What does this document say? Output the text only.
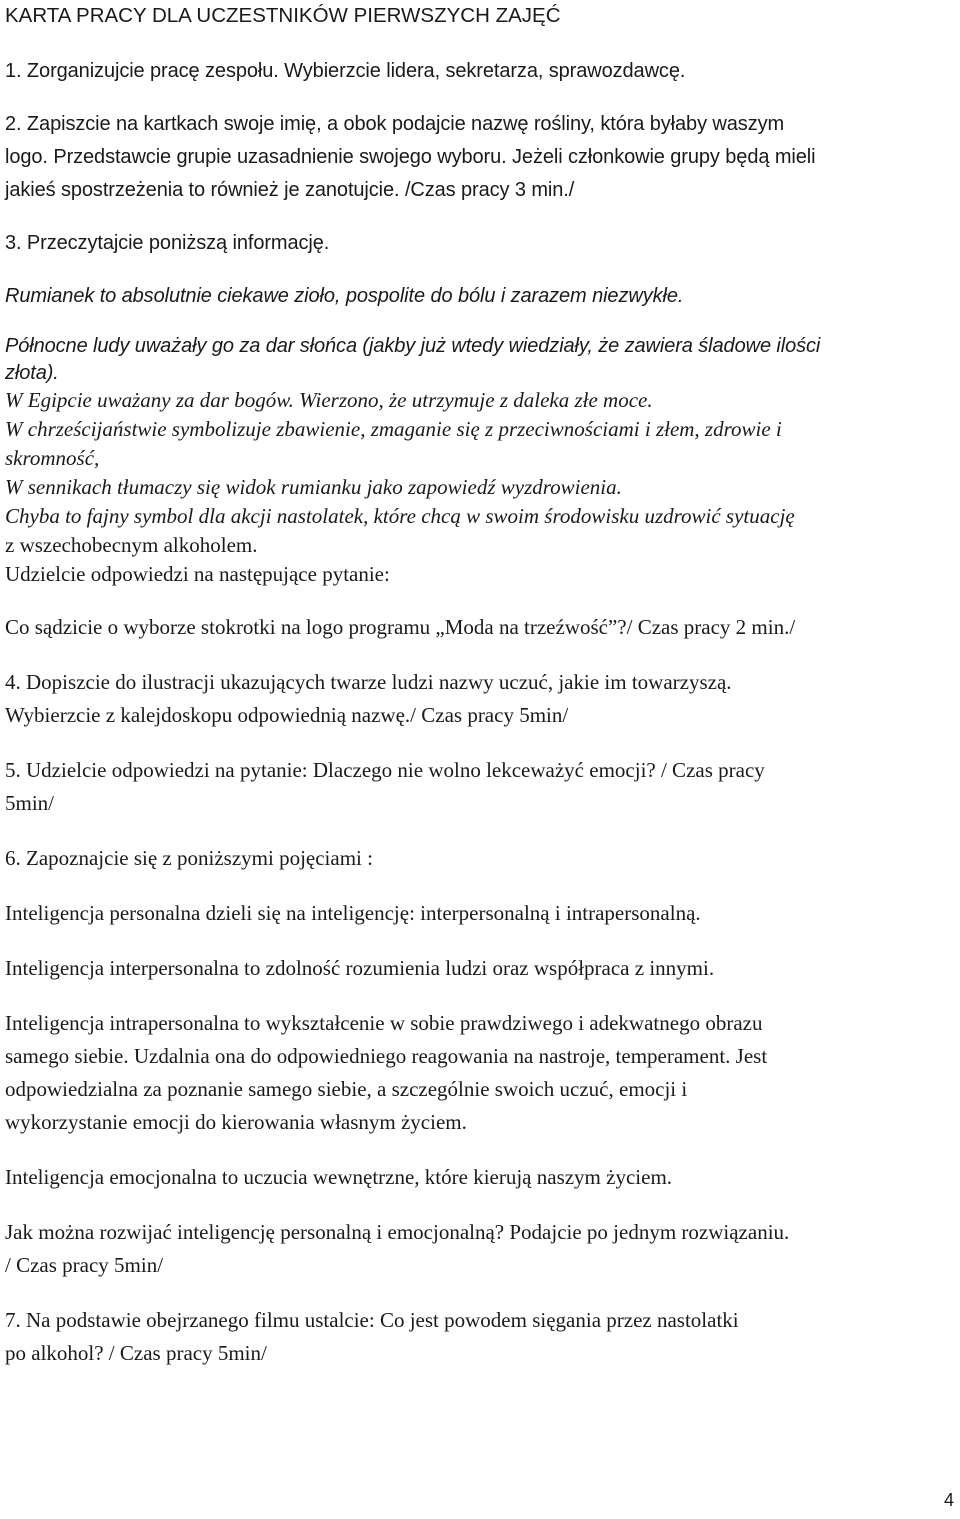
KARTA PRACY DLA UCZESTNIKÓW PIERWSZYCH ZAJĘĆ
1. Zorganizujcie pracę zespołu. Wybierzcie lidera, sekretarza, sprawozdawcę.
2. Zapiszcie na kartkach swoje imię, a obok podajcie nazwę rośliny, która byłaby waszym
logo. Przedstawcie grupie uzasadnienie swojego wyboru. Jeżeli członkowie grupy będą mieli
jakieś spostrzeżenia to również je zanotujcie. /Czas pracy 3 min./
3. Przeczytajcie poniższą informację.
Rumianek to absolutnie ciekawe zioło, pospolite do bólu i zarazem niezwykłe.
Północne ludy uważały go za dar słońca (jakby już wtedy wiedziały, że zawiera śladowe ilości
złota).
W Egipcie uważany za dar bogów. Wierzono, że utrzymuje z daleka złe moce.
W chrześcijaństwie symbolizuje zbawienie, zmaganie się z przeciwnościami i złem, zdrowie i
skromność,
W sennikach tłumaczy się widok rumianku jako zapowiedź wyzdrowienia.
Chyba to fajny symbol dla akcji nastolatek, które chcą w swoim środowisku uzdrowić sytuację
z wszechobecnym alkoholem.
Udzielcie odpowiedzi na następujące pytanie:
Co sądzicie o wyborze stokrotki na logo programu „Moda na trzeźwość”?/ Czas pracy 2 min./
4. Dopiszcie do ilustracji ukazujących twarze ludzi nazwy uczuć, jakie im towarzyszą.
Wybierzcie z kalejdoskopu odpowiednią nazwę./ Czas pracy 5min/
5. Udzielcie odpowiedzi na pytanie: Dlaczego nie wolno lekceważyć emocji? / Czas pracy
5min/
6. Zapoznajcie się z poniższymi pojęciami :
Inteligencja personalna dzieli się na inteligencję: interpersonalną i intrapersonalną.
Inteligencja interpersonalna to zdolność rozumienia ludzi oraz współpraca z innymi.
Inteligencja intrapersonalna to wykształcenie w sobie prawdziwego i adekwatnego obrazu
samego siebie. Uzdalnia ona do odpowiedniego reagowania na nastroje, temperament. Jest
odpowiedzialna za poznanie samego siebie, a szczególnie swoich uczuć, emocji i
wykorzystanie emocji do kierowania własnym życiem.
Inteligencja emocjonalna to uczucia wewnętrzne, które kierują naszym życiem.
Jak można rozwijać inteligencję personalną i emocjonalną? Podajcie po jednym rozwiązaniu.
/ Czas pracy 5min/
7. Na podstawie obejrzanego filmu ustalcie: Co jest powodem sięgania przez nastolatki
po alkohol? / Czas pracy 5min/
4
